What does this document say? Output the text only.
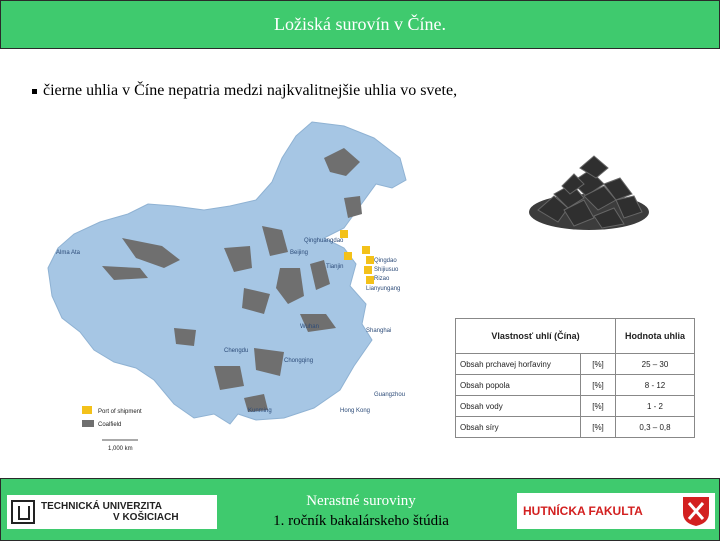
Ložiská surovín v Číne.
čierne uhlia v Číne nepatria medzi najkvalitnejšie uhlia vo svete,
Alma Ata	Beijing
Qinghuangdao
Tianjin
Qingdao
Shijiusuo
Rizao
Lianyungang
Wuhan
Shanghai
Chengdu
Chongqing
Guangzhou
Kunming	Hong Kong
Port of shipment
Coalfield
1,000 km
Vlastnosť uhlí (Čína)		Hodnota uhlia
Obsah prchavej horľaviny	[%]	25 – 30
Obsah popola	[%]	8 - 12
Obsah vody	[%]	1 - 2
Obsah síry	[%]	0,3 – 0,8
TECHNICKÁ UNIVERZITA
V KOŠICIACH
Nerastné suroviny
1. ročník bakalárskeho štúdia
HUTNÍCKA FAKULTA
